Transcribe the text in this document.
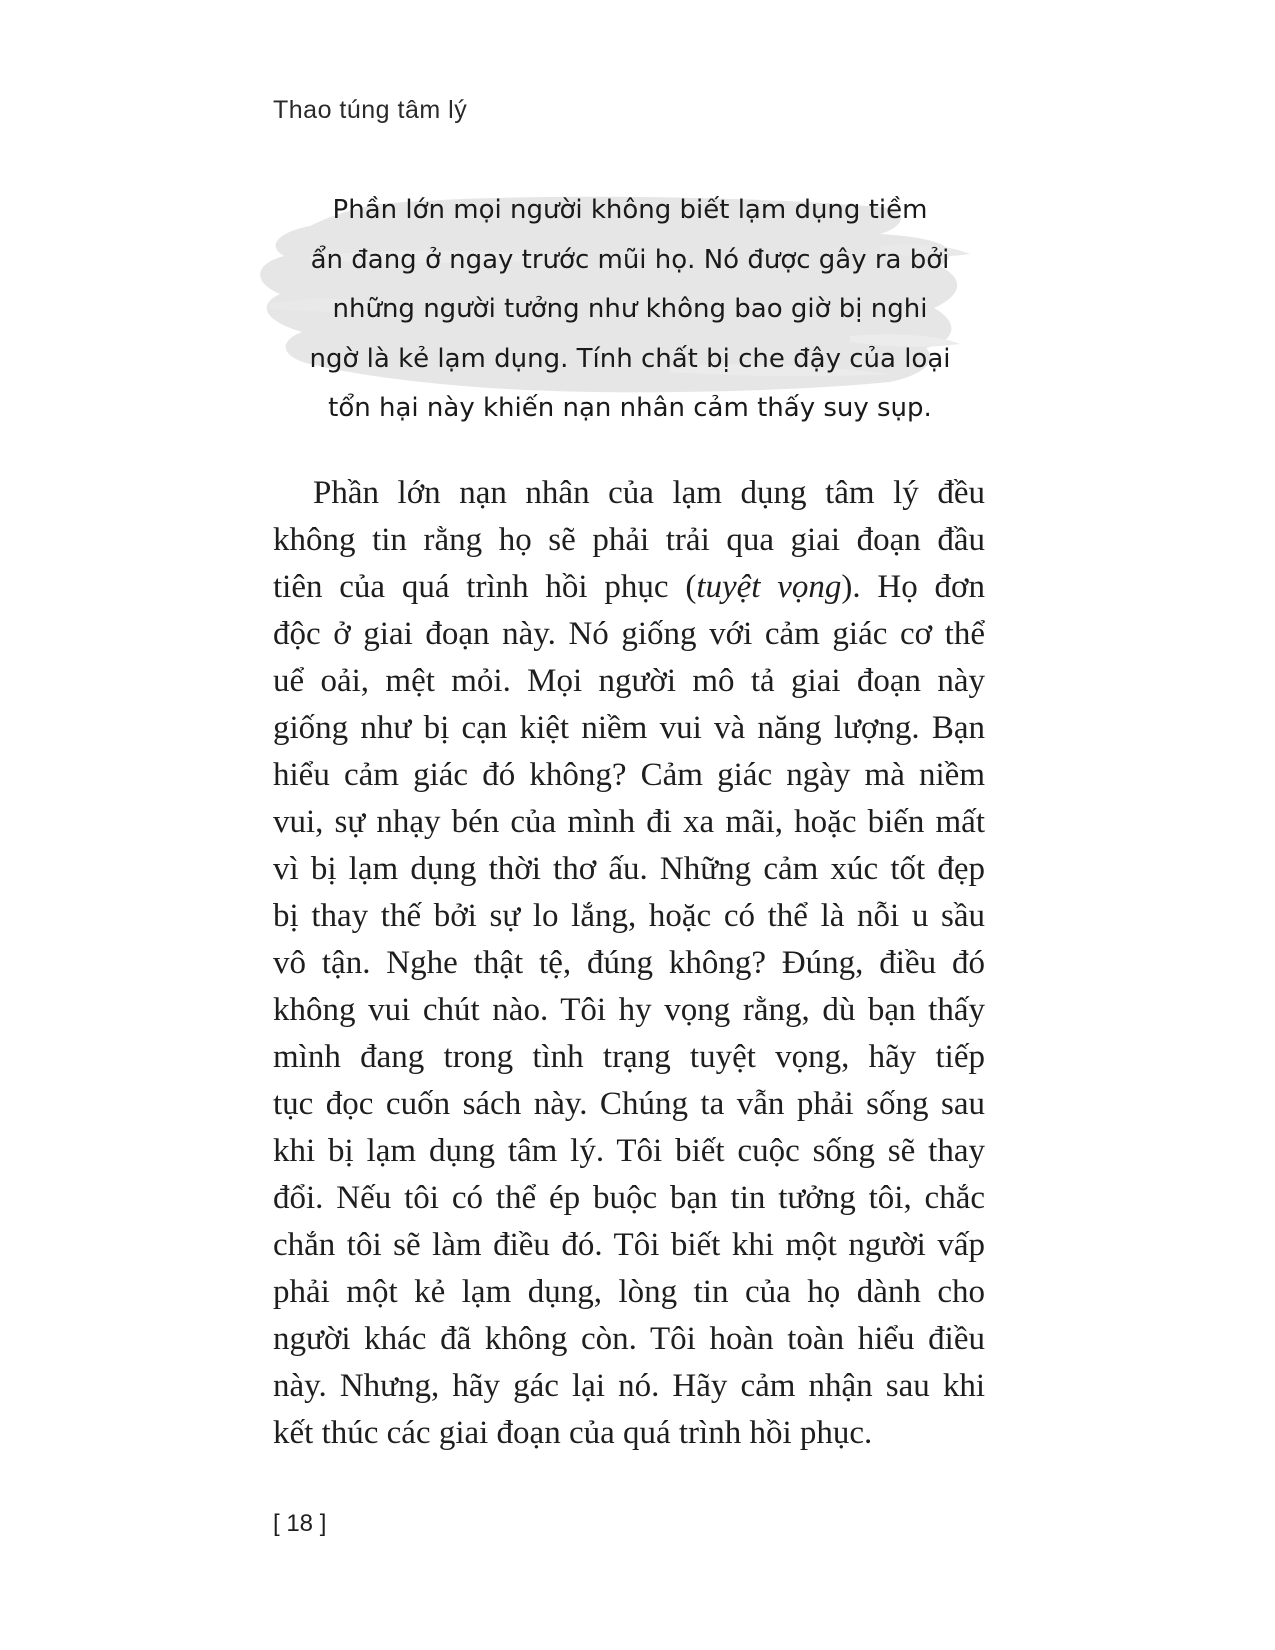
Thao túng tâm lý

Phần lớn mọi người không biết lạm dụng tiềm
ẩn đang ở ngay trước mũi họ. Nó được gây ra bởi
những người tưởng như không bao giờ bị nghi
ngờ là kẻ lạm dụng. Tính chất bị che đậy của loại
tổn hại này khiến nạn nhân cảm thấy suy sụp.

Phần lớn nạn nhân của lạm dụng tâm lý đều
không tin rằng họ sẽ phải trải qua giai đoạn đầu
tiên của quá trình hồi phục (tuyệt vọng). Họ đơn
độc ở giai đoạn này. Nó giống với cảm giác cơ thể
uể oải, mệt mỏi. Mọi người mô tả giai đoạn này
giống như bị cạn kiệt niềm vui và năng lượng. Bạn
hiểu cảm giác đó không? Cảm giác ngày mà niềm
vui, sự nhạy bén của mình đi xa mãi, hoặc biến mất
vì bị lạm dụng thời thơ ấu. Những cảm xúc tốt đẹp
bị thay thế bởi sự lo lắng, hoặc có thể là nỗi u sầu
vô tận. Nghe thật tệ, đúng không? Đúng, điều đó
không vui chút nào. Tôi hy vọng rằng, dù bạn thấy
mình đang trong tình trạng tuyệt vọng, hãy tiếp
tục đọc cuốn sách này. Chúng ta vẫn phải sống sau
khi bị lạm dụng tâm lý. Tôi biết cuộc sống sẽ thay
đổi. Nếu tôi có thể ép buộc bạn tin tưởng tôi, chắc
chắn tôi sẽ làm điều đó. Tôi biết khi một người vấp
phải một kẻ lạm dụng, lòng tin của họ dành cho
người khác đã không còn. Tôi hoàn toàn hiểu điều
này. Nhưng, hãy gác lại nó. Hãy cảm nhận sau khi
kết thúc các giai đoạn của quá trình hồi phục.

[ 18 ]
